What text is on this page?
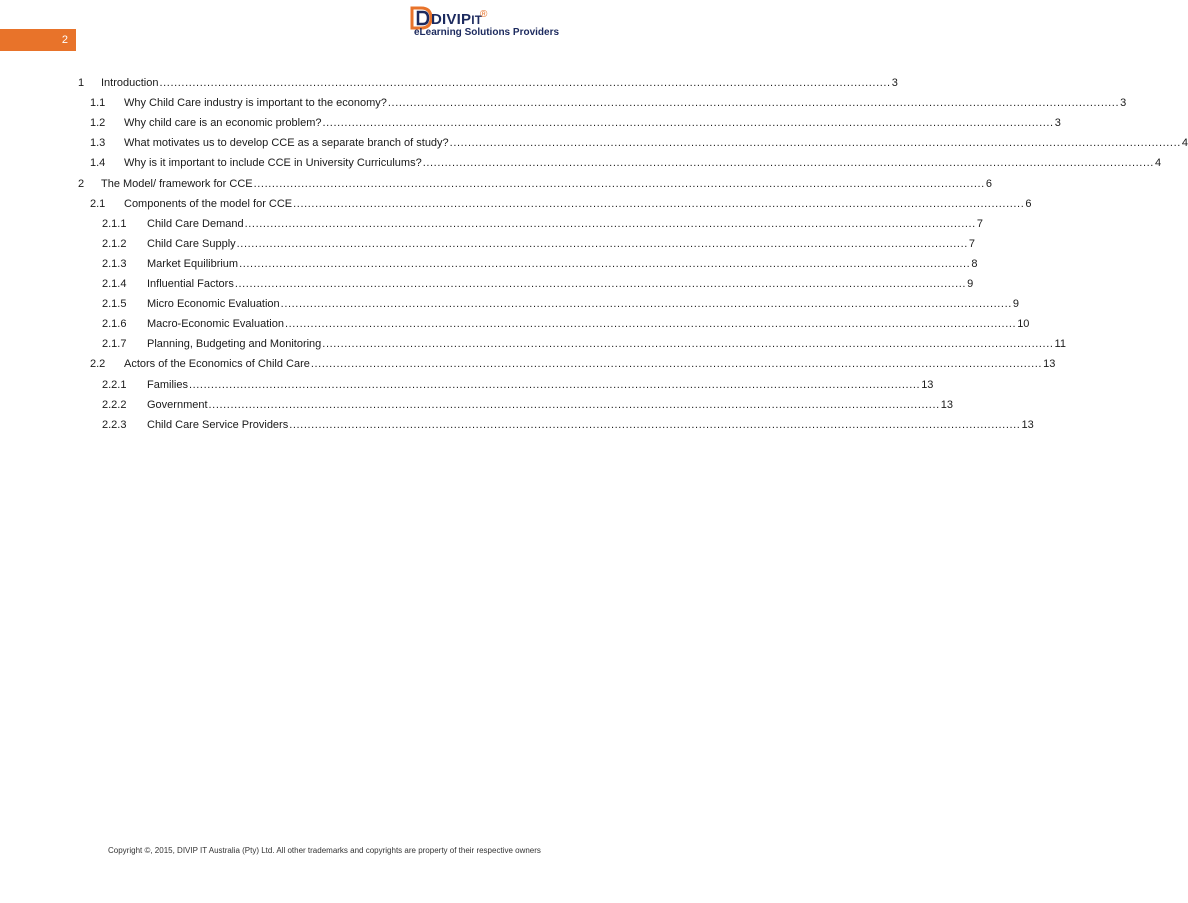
2
DIVIPIT
®
eLearning Solutions Providers
1	Introduction ........................................................................................................................................................................................................ 3
1.1	Why Child Care industry is important to the economy? ........................................................................................................................................................................................................ 3
1.2	Why child care is an economic problem? ........................................................................................................................................................................................................ 3
1.3	What motivates us to develop CCE as a separate branch of study? ........................................................................................................................................................................................................ 4
1.4	Why is it important to include CCE in University Curriculums? ........................................................................................................................................................................................................ 4
2	The Model/ framework for CCE ........................................................................................................................................................................................................ 6
2.1	Components of the model for CCE ........................................................................................................................................................................................................ 6
2.1.1	Child Care Demand ........................................................................................................................................................................................................ 7
2.1.2	Child Care Supply ........................................................................................................................................................................................................ 7
2.1.3	Market Equilibrium ........................................................................................................................................................................................................ 8
2.1.4	Influential Factors ........................................................................................................................................................................................................ 9
2.1.5	Micro Economic Evaluation ........................................................................................................................................................................................................ 9
2.1.6	Macro-Economic Evaluation ........................................................................................................................................................................................................ 10
2.1.7	Planning, Budgeting and Monitoring ........................................................................................................................................................................................................ 11
2.2	Actors of the Economics of Child Care ........................................................................................................................................................................................................ 13
2.2.1	Families ........................................................................................................................................................................................................ 13
2.2.2	Government ........................................................................................................................................................................................................ 13
2.2.3	Child Care Service Providers ........................................................................................................................................................................................................ 13
Copyright ©, 2015, DIVIP IT Australia (Pty) Ltd. All other trademarks and copyrights are property of their respective owners
